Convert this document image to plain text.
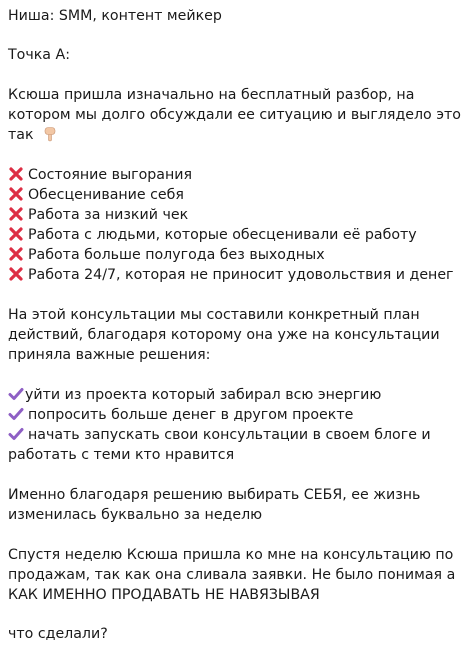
Ниша: SMM, контент мейкер
Точка А:
Ксюша пришла изначально на бесплатный разбор, на
котором мы долго обсуждали ее ситуацию и выглядело это
так
Состояние выгорания
Обесценивание себя
Работа за низкий чек
Работа с людьми, которые обесценивали её работу
Работа больше полугода без выходных
Работа 24/7, которая не приносит удовольствия и денег
На этой консультации мы составили конкретный план
действий, благодаря которому она уже на консультации
приняла важные решения:
уйти из проекта который забирал всю энергию
попросить больше денег в другом проекте
начать запускать свои консультации в своем блоге и
работать с теми кто нравится
Именно благодаря решению выбирать СЕБЯ, ее жизнь
изменилась буквально за неделю
Спустя неделю Ксюша пришла ко мне на консультацию по
продажам, так как она сливала заявки. Не было понимая а
КАК ИМЕННО ПРОДАВАТЬ НЕ НАВЯЗЫВАЯ
что сделали?
